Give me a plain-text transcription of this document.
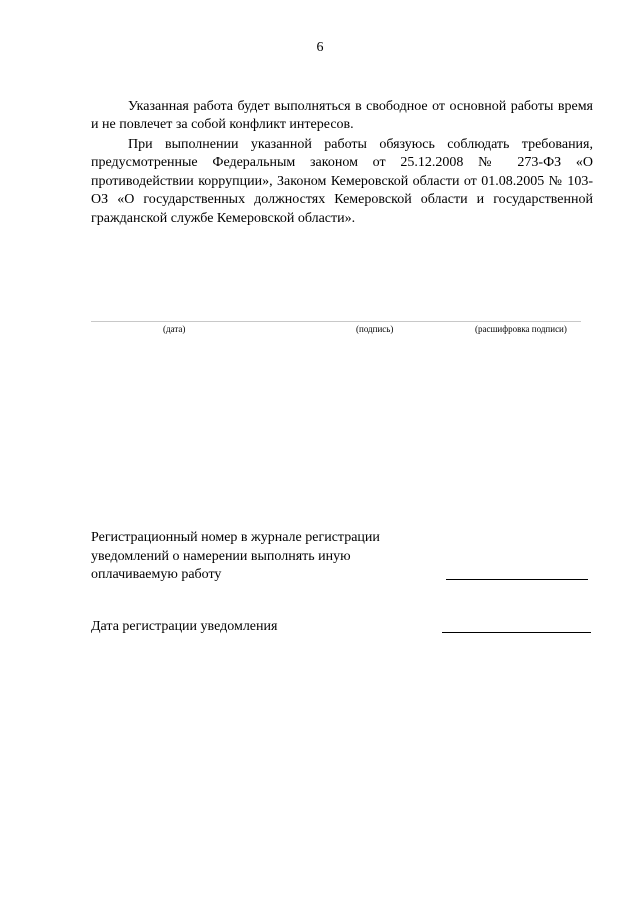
6

Указанная работа будет выполняться в свободное от основной работы время и не повлечет за собой конфликт интересов.

При выполнении указанной работы обязуюсь соблюдать требования, предусмотренные Федеральным законом от 25.12.2008 № 273-ФЗ «О противодействии коррупции», Законом Кемеровской области от 01.08.2005 № 103-ОЗ «О государственных должностях Кемеровской области и государственной гражданской службе Кемеровской области».

(дата)	(подпись)	(расшифровка подписи)
Регистрационный номер в журнале регистрации уведомлений о намерении выполнять иную оплачиваемую работу
Дата регистрации уведомления
